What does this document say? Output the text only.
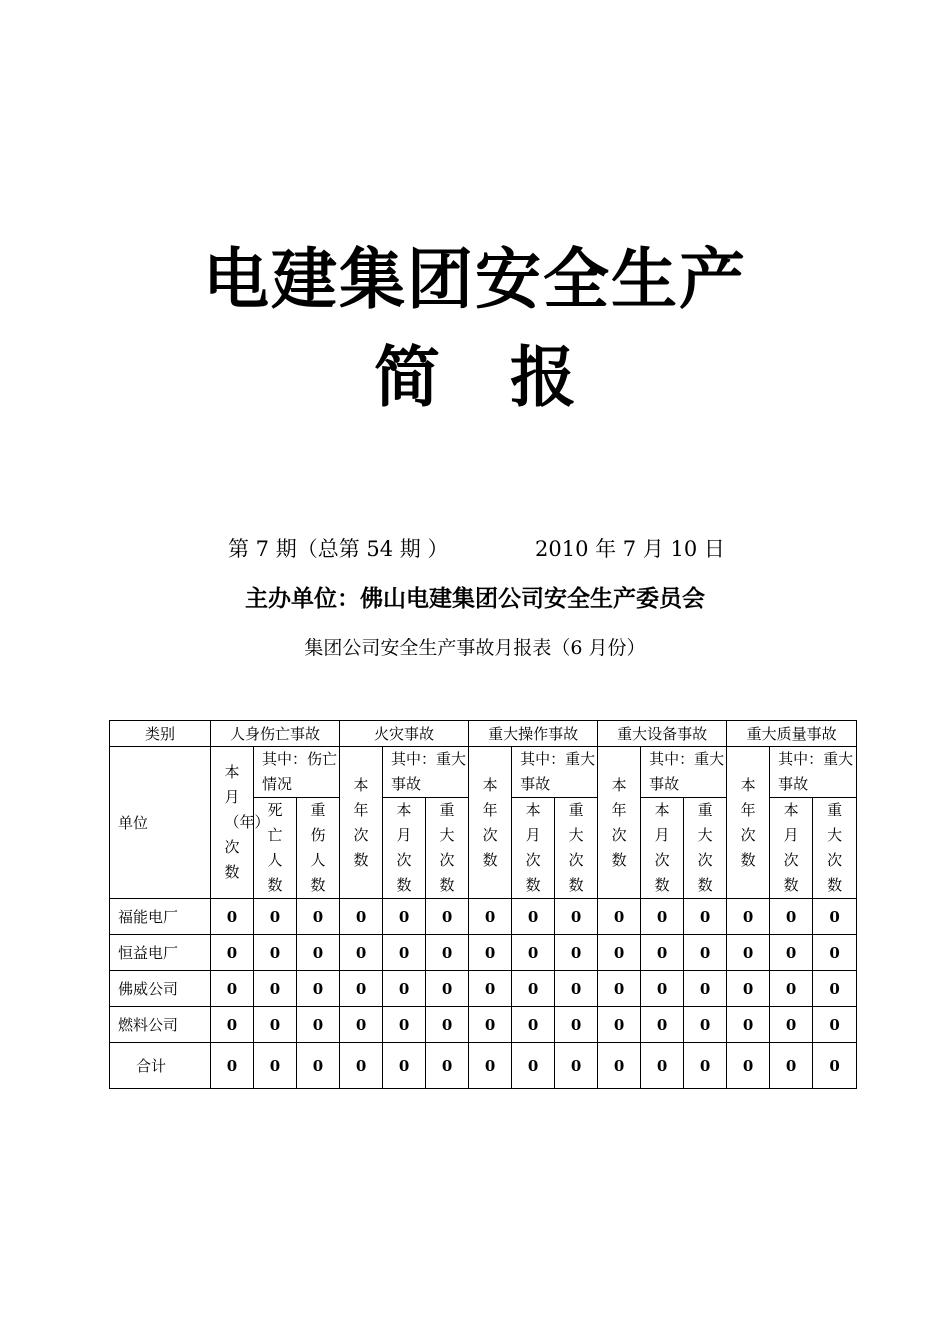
电建集团安全生产
简 报
第 7 期（总第 54 期 ）	2010 年 7 月 10 日
主办单位：佛山电建集团公司安全生产委员会
集团公司安全生产事故月报表（6 月份）
类别	人身伤亡事故			火灾事故			重大操作事故			重大设备事故			重大质量事故		
单位	本月（年）次数	其中：伤亡情况		本年次数	其中：重大事故		本年次数	其中：重大事故		本年次数	其中：重大事故		本年次数	其中：重大事故	

		死亡人数	重伤人数		本月次数	重大次数		本月次数	重大次数		本月次数	重大次数		本月次数	重大次数

福能电厂	0	0	0	0	0	0	0	0	0	0	0	0	0	0	0
恒益电厂	0	0	0	0	0	0	0	0	0	0	0	0	0	0	0
佛威公司	0	0	0	0	0	0	0	0	0	0	0	0	0	0	0
燃料公司	0	0	0	0	0	0	0	0	0	0	0	0	0	0	0
合计	0	0	0	0	0	0	0	0	0	0	0	0	0	0	0
